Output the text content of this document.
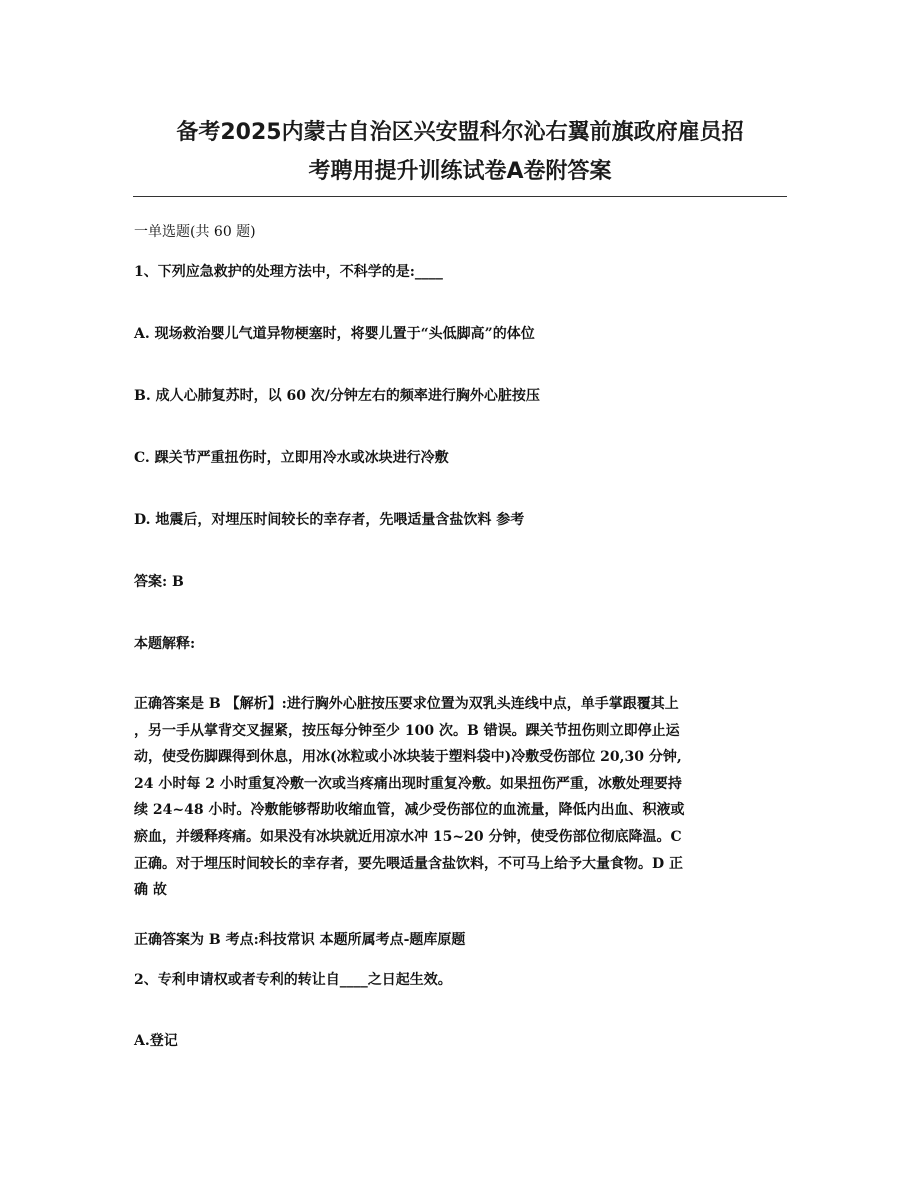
备考2025内蒙古自治区兴安盟科尔沁右翼前旗政府雇员招
考聘用提升训练试卷A卷附答案

一单选题(共 60 题)

1、下列应急救护的处理方法中，不科学的是:____

A. 现场救治婴儿气道异物梗塞时，将婴儿置于“头低脚高”的体位

B. 成人心肺复苏时，以 60 次/分钟左右的频率进行胸外心脏按压

C. 踝关节严重扭伤时，立即用冷水或冰块进行冷敷

D. 地震后，对埋压时间较长的幸存者，先喂适量含盐饮料 参考

答案: B

本题解释:

正确答案是 B 【解析】:进行胸外心脏按压要求位置为双乳头连线中点，单手掌跟覆其上
，另一手从掌背交叉握紧，按压每分钟至少 100 次。B 错误。踝关节扭伤则立即停止运
动，使受伤脚踝得到休息，用冰(冰粒或小冰块装于塑料袋中)冷敷受伤部位 20,30 分钟,
24 小时每 2 小时重复冷敷一次或当疼痛出现时重复冷敷。如果扭伤严重，冰敷处理要持
续 24~48 小时。冷敷能够帮助收缩血管，减少受伤部位的血流量，降低内出血、积液或
瘀血，并缓释疼痛。如果没有冰块就近用凉水冲 15~20 分钟，使受伤部位彻底降温。C
正确。对于埋压时间较长的幸存者，要先喂适量含盐饮料，不可马上给予大量食物。D 正
确 故

正确答案为 B 考点:科技常识 本题所属考点-题库原题

2、专利申请权或者专利的转让自____之日起生效。

A.登记
